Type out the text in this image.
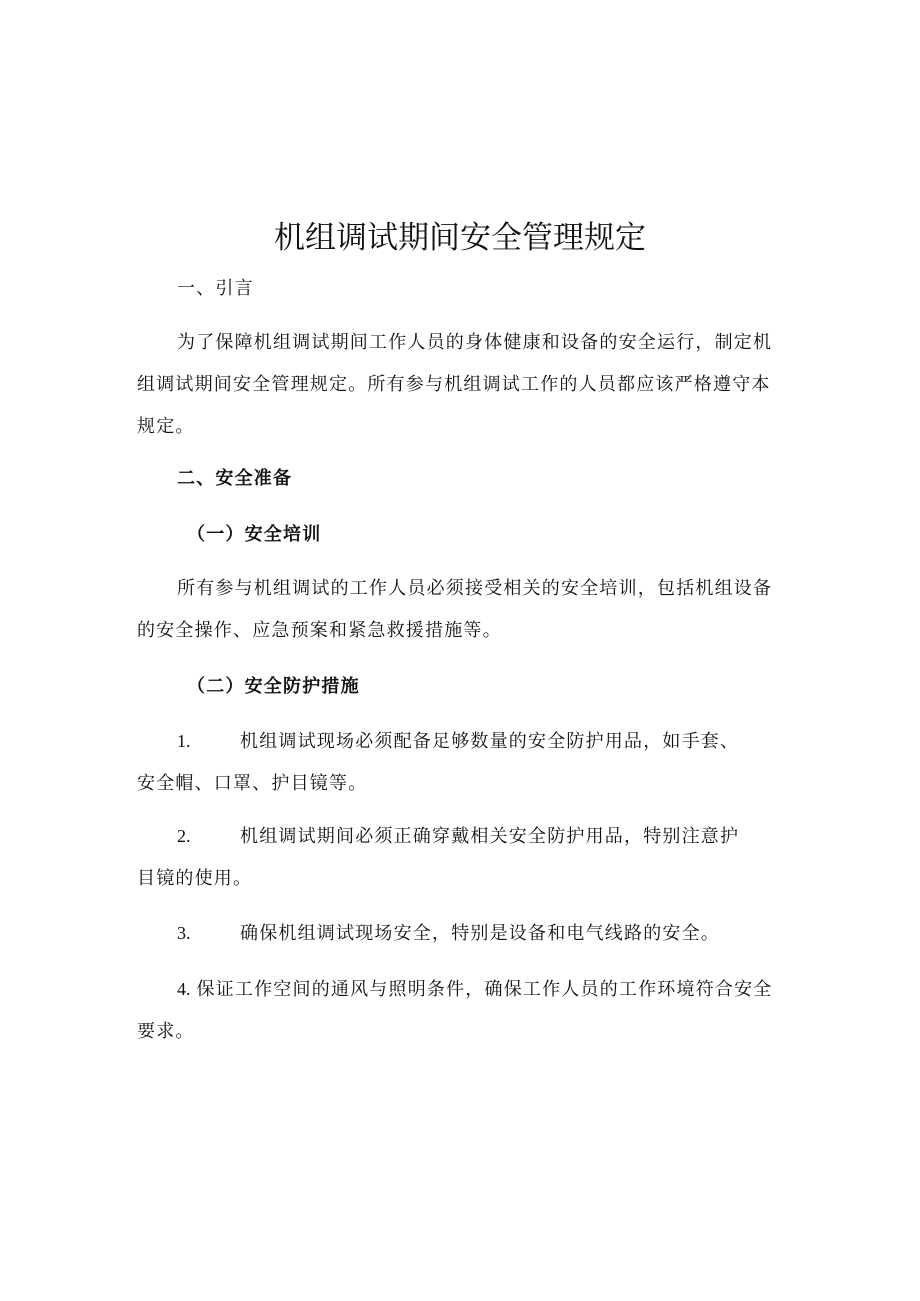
机组调试期间安全管理规定

一、引言

为了保障机组调试期间工作人员的身体健康和设备的安全运行，制定机组调试期间安全管理规定。所有参与机组调试工作的人员都应该严格遵守本规定。

二、安全准备

（一）安全培训

所有参与机组调试的工作人员必须接受相关的安全培训，包括机组设备的安全操作、应急预案和紧急救援措施等。

（二）安全防护措施

1.	机组调试现场必须配备足够数量的安全防护用品，如手套、安全帽、口罩、护目镜等。

2.	机组调试期间必须正确穿戴相关安全防护用品，特别注意护目镜的使用。

3.	确保机组调试现场安全，特别是设备和电气线路的安全。

4. 保证工作空间的通风与照明条件，确保工作人员的工作环境符合安全要求。
